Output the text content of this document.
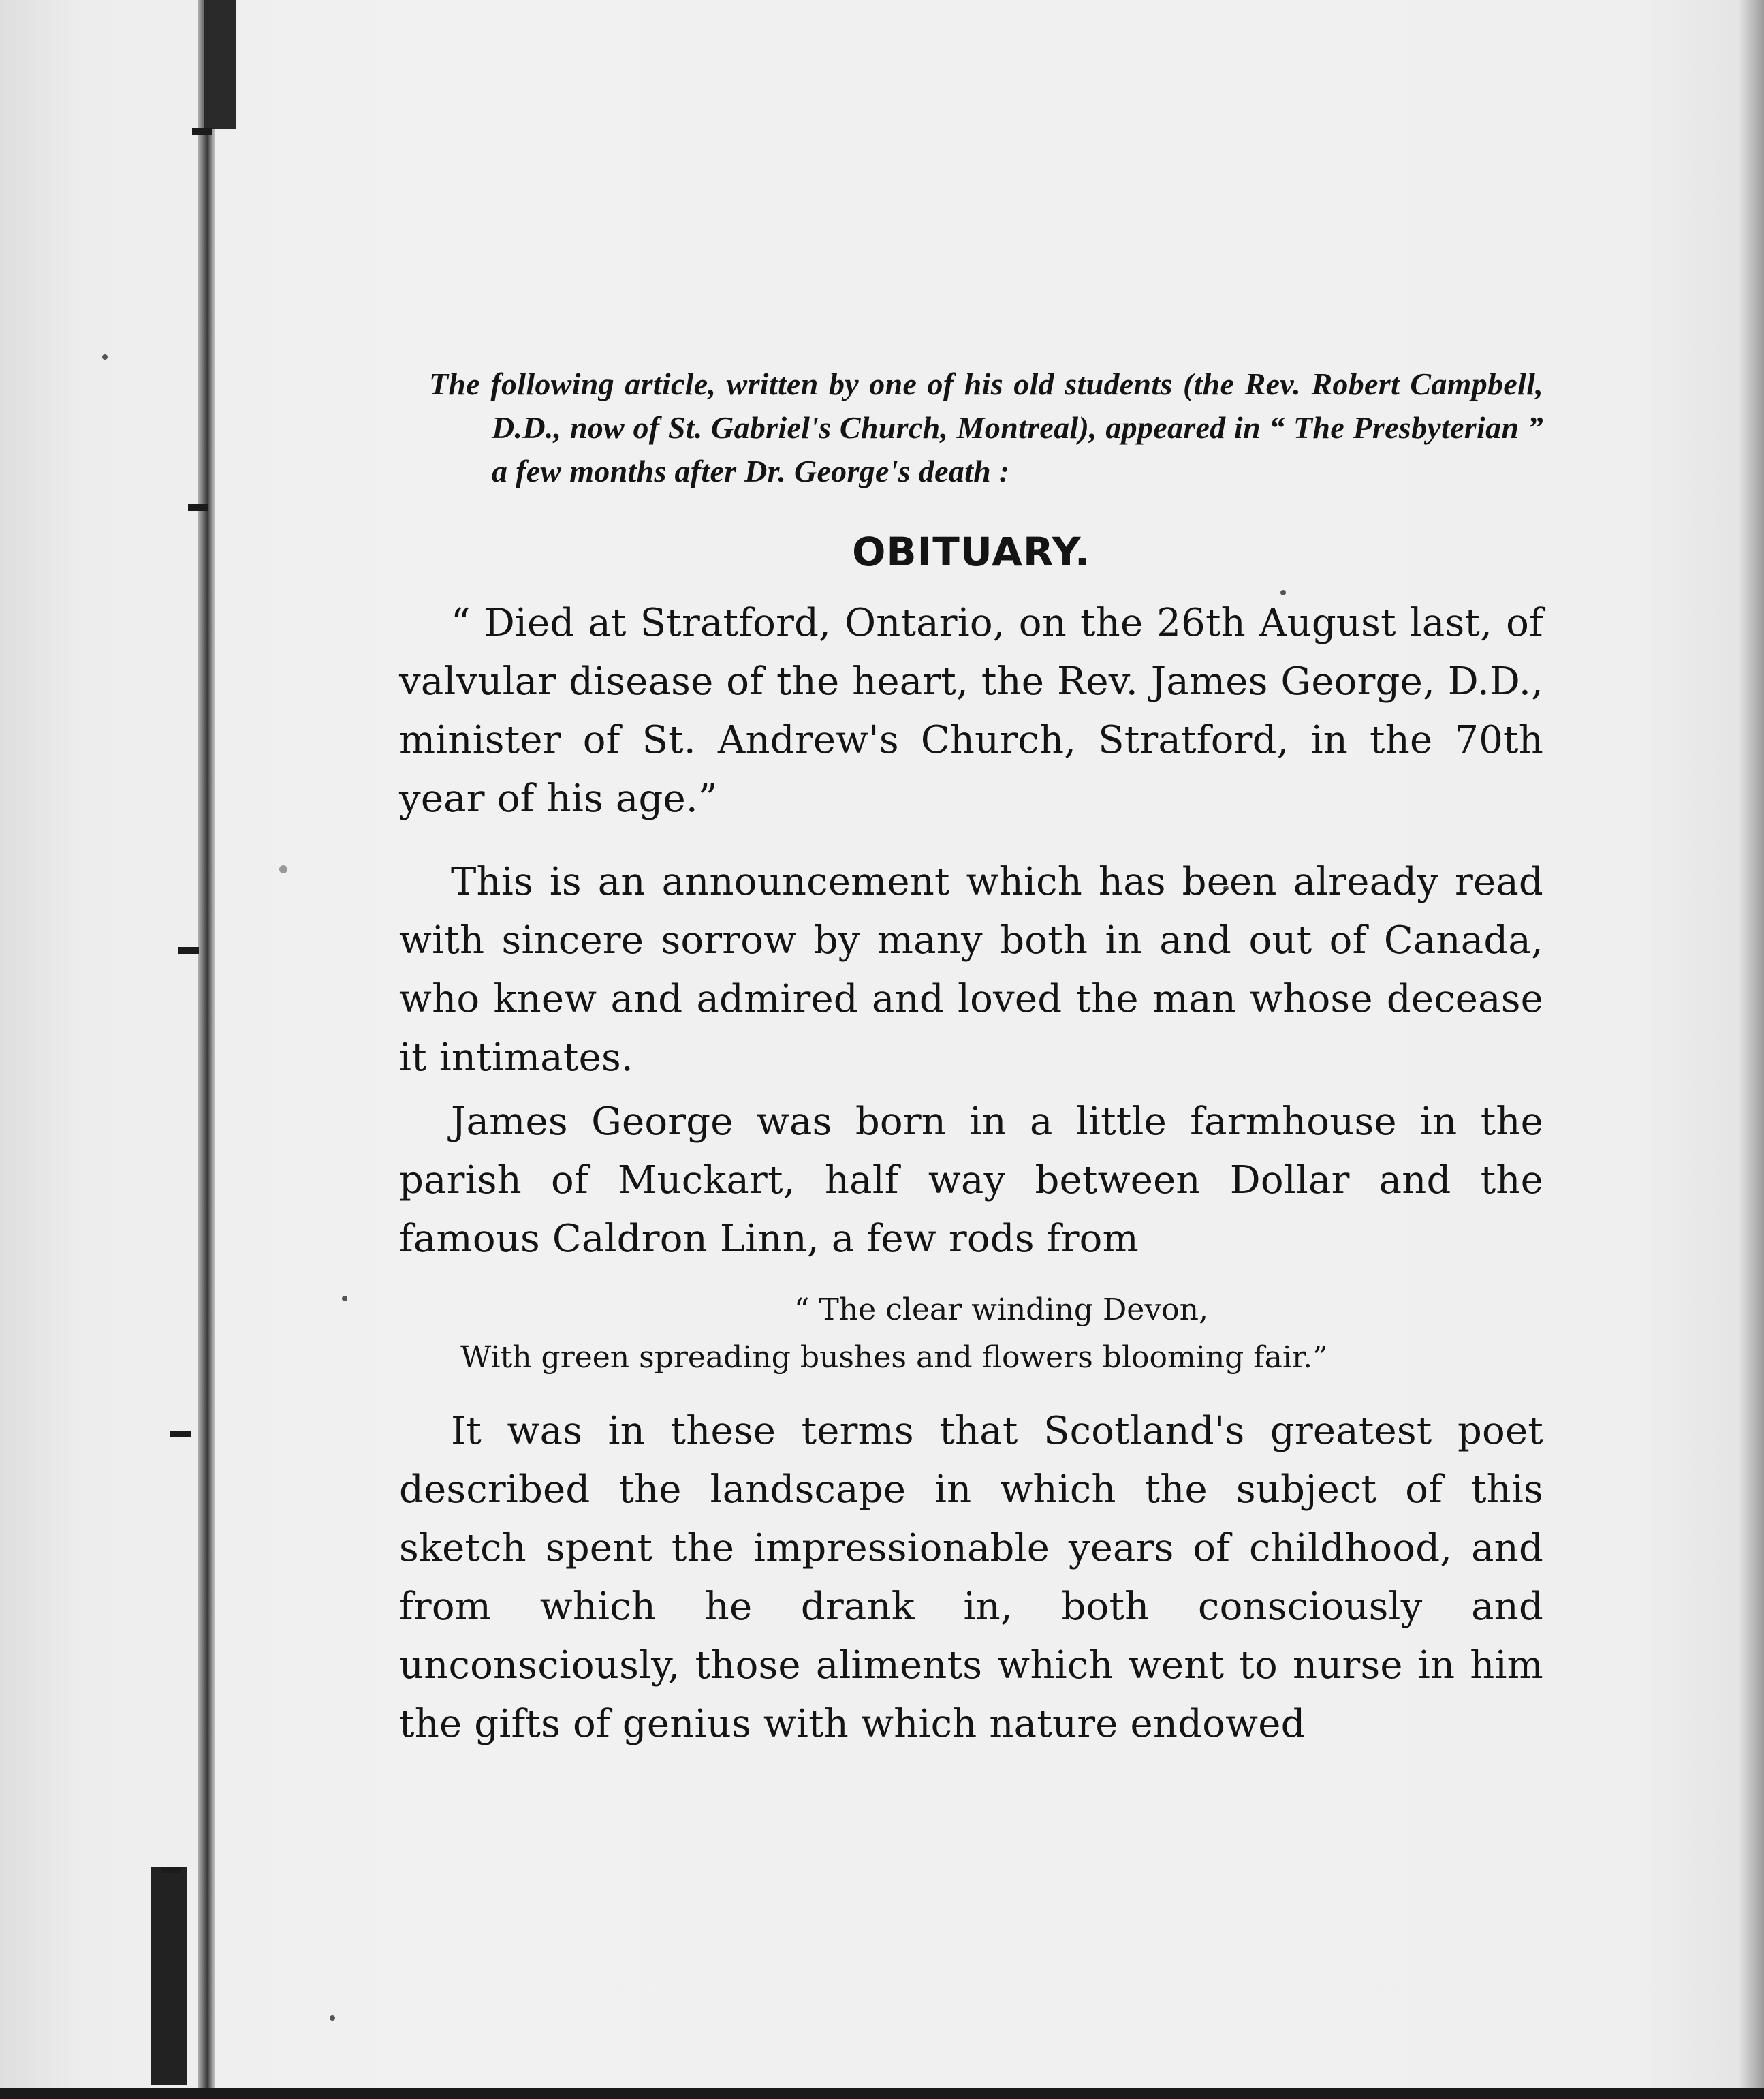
The following article, written by one of his old students (the Rev. Robert Campbell, D.D., now of St. Gabriel's Church, Montreal), appeared in “ The Presbyterian ” a few months after Dr. George's death :

OBITUARY.

“ Died at Stratford, Ontario, on the 26th August last, of valvular disease of the heart, the Rev. James George, D.D., minister of St. Andrew's Church, Stratford, in the 70th year of his age.”

This is an announcement which has been already read with sincere sorrow by many both in and out of Canada, who knew and admired and loved the man whose decease it intimates.

James George was born in a little farmhouse in the parish of Muckart, half way between Dollar and the famous Caldron Linn, a few rods from

“ The clear winding Devon,
With green spreading bushes and flowers blooming fair.”

It was in these terms that Scotland's greatest poet described the landscape in which the subject of this sketch spent the impressionable years of childhood, and from which he drank in, both consciously and unconsciously, those aliments which went to nurse in him the gifts of genius with which nature endowed
